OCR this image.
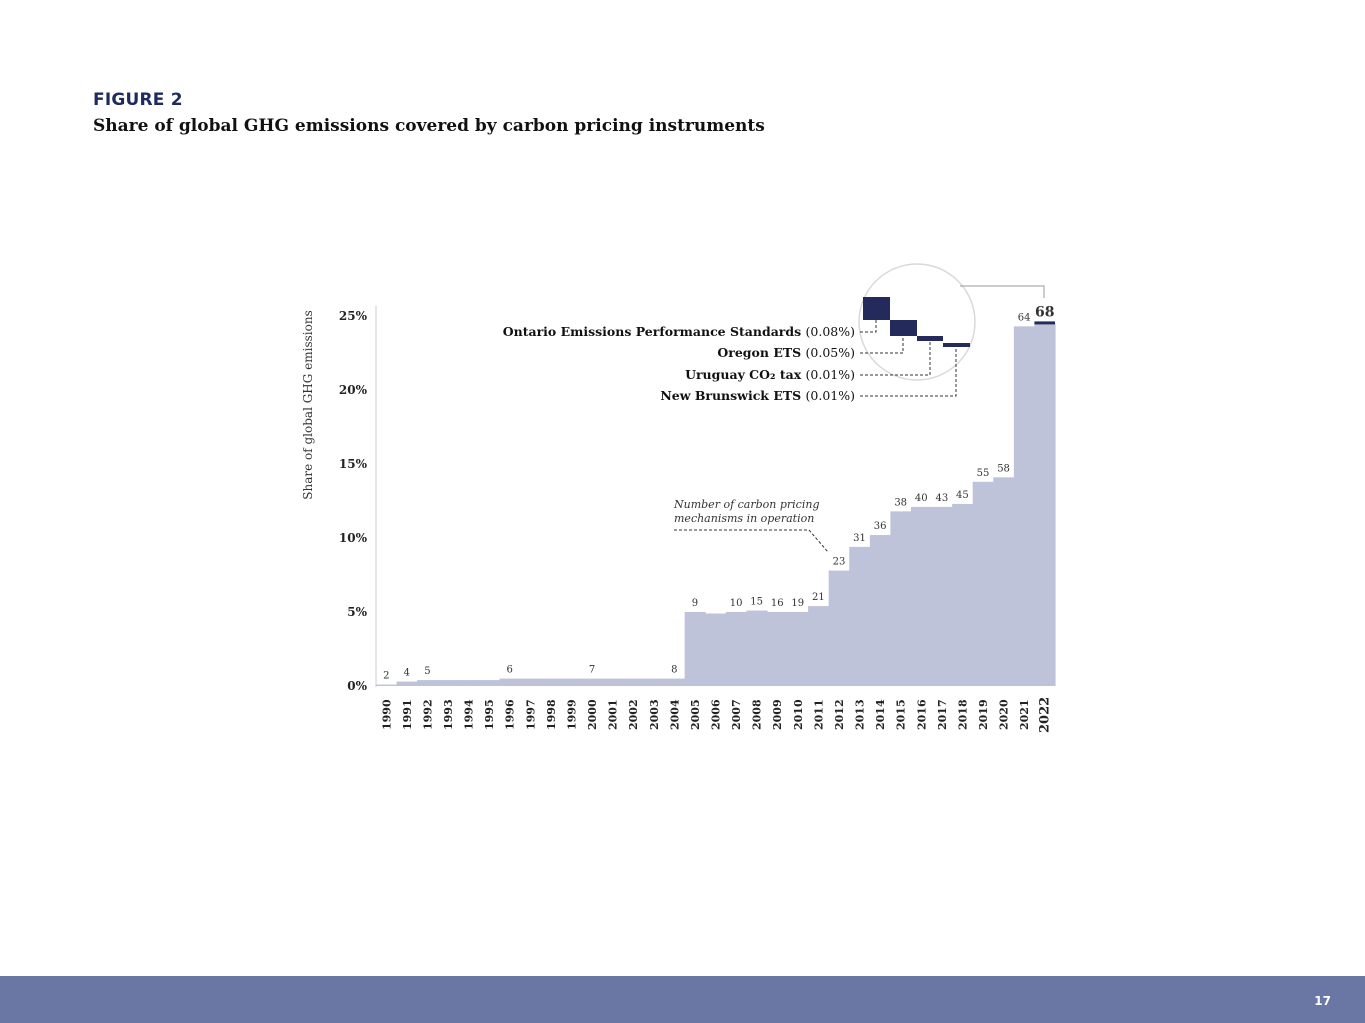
FIGURE 2
Share of global GHG emissions covered by carbon pricing instruments
0%
5%
10%
15%
20%
25%
Share of global GHG emissions
1990 1991 1992 1993 1994 1995 1996 1997 1998 1999 2000 2001 2002 2003 2004 2005 2006 2007 2008 2009 2010 2011 2012 2013 2014 2015 2016 2017 2018 2019 2020 2021 2022
2 4 5	6	7	8
9	10 15 16 19
21
23
31
36
38 40 43 45
55 58
64 68
Number of carbon pricing
mechanisms in operation
Ontario Emissions Performance Standards (0.08%)
Oregon ETS (0.05%)
Uruguay CO₂ tax (0.01%)
New Brunswick ETS (0.01%)
17
